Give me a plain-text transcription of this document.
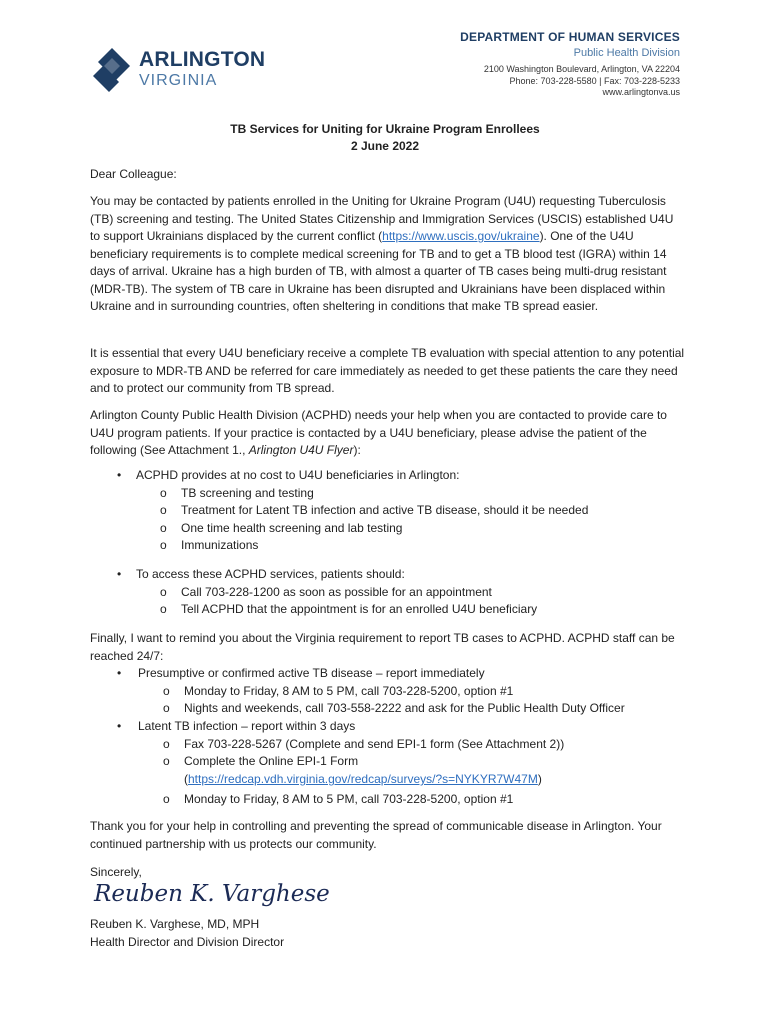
ARLINGTON
VIRGINIA
DEPARTMENT OF HUMAN SERVICES
Public Health Division
2100 Washington Boulevard, Arlington, VA 22204
Phone: 703-228-5580 | Fax: 703-228-5233
www.arlingtonva.us
TB Services for Uniting for Ukraine Program Enrollees
2 June 2022
Dear Colleague:

You may be contacted by patients enrolled in the Uniting for Ukraine Program (U4U) requesting Tuberculosis (TB) screening and testing. The United States Citizenship and Immigration Services (USCIS) established U4U to support Ukrainians displaced by the current conflict (https://www.uscis.gov/ukraine). One of the U4U beneficiary requirements is to complete medical screening for TB and to get a TB blood test (IGRA) within 14 days of arrival. Ukraine has a high burden of TB, with almost a quarter of TB cases being multi-drug resistant (MDR-TB). The system of TB care in Ukraine has been disrupted and Ukrainians have been displaced within Ukraine and in surrounding countries, often sheltering in conditions that make TB spread easier.

It is essential that every U4U beneficiary receive a complete TB evaluation with special attention to any potential exposure to MDR-TB AND be referred for care immediately as needed to get these patients the care they need and to protect our community from TB spread.
Arlington County Public Health Division (ACPHD) needs your help when you are contacted to provide care to U4U program patients. If your practice is contacted by a U4U beneficiary, please advise the patient of the following (See Attachment 1., Arlington U4U Flyer):
• ACPHD provides at no cost to U4U beneficiaries in Arlington:
o TB screening and testing
o Treatment for Latent TB infection and active TB disease, should it be needed
o One time health screening and lab testing
o Immunizations
• To access these ACPHD services, patients should:
o Call 703-228-1200 as soon as possible for an appointment
o Tell ACPHD that the appointment is for an enrolled U4U beneficiary
Finally, I want to remind you about the Virginia requirement to report TB cases to ACPHD. ACPHD staff can be reached 24/7:
• Presumptive or confirmed active TB disease – report immediately
o Monday to Friday, 8 AM to 5 PM, call 703-228-5200, option #1
o Nights and weekends, call 703-558-2222 and ask for the Public Health Duty Officer
• Latent TB infection – report within 3 days
o Fax 703-228-5267 (Complete and send EPI-1 form (See Attachment 2))
o Complete the Online EPI-1 Form
(https://redcap.vdh.virginia.gov/redcap/surveys/?s=NYKYR7W47M)
o Monday to Friday, 8 AM to 5 PM, call 703-228-5200, option #1
Thank you for your help in controlling and preventing the spread of communicable disease in Arlington. Your continued partnership with us protects our community.
Sincerely,
Reuben K. Varghese
Reuben K. Varghese, MD, MPH
Health Director and Division Director
